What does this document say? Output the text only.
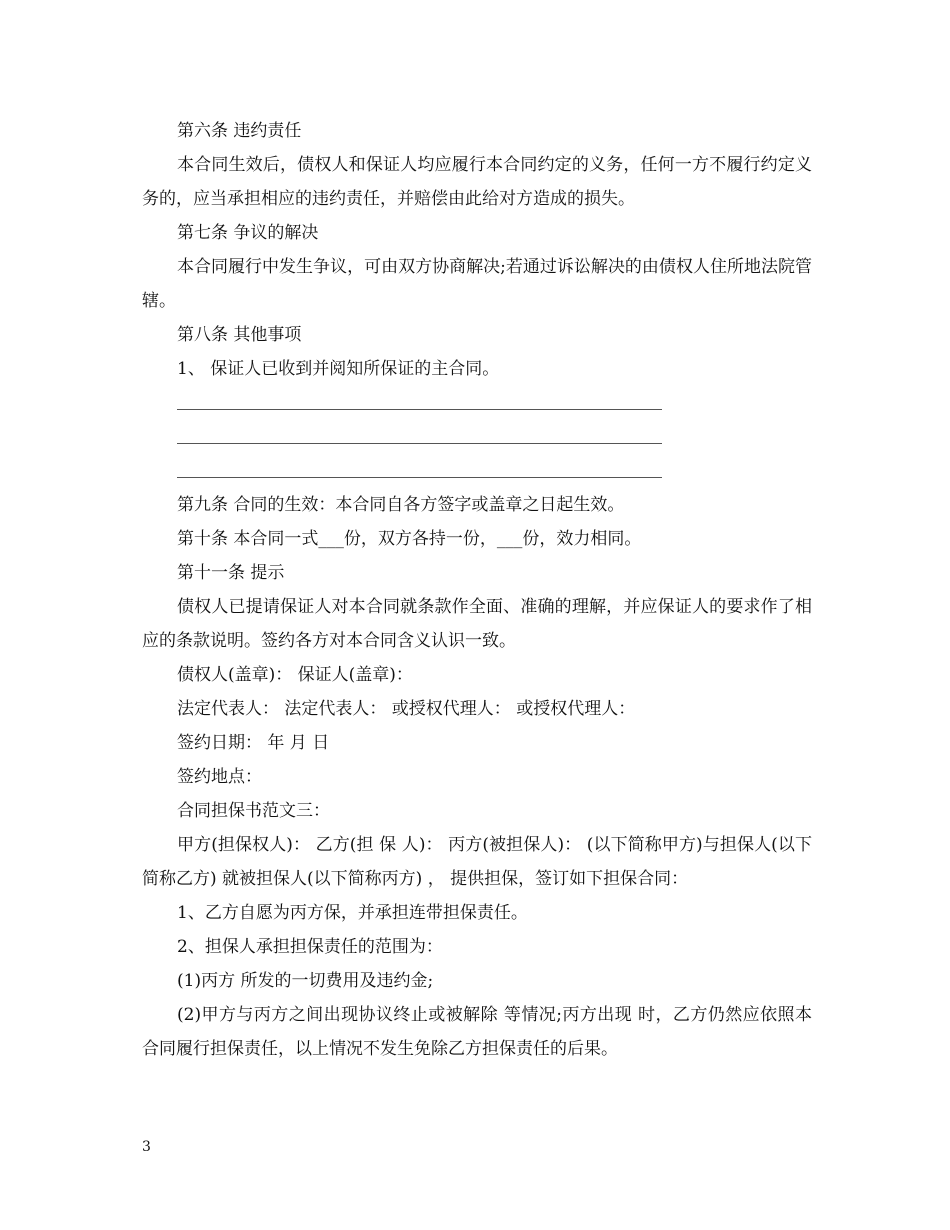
第六条 违约责任

本合同生效后，债权人和保证人均应履行本合同约定的义务，任何一方不履行约定义务的，应当承担相应的违约责任，并赔偿由此给对方造成的损失。

第七条 争议的解决

本合同履行中发生争议，可由双方协商解决;若通过诉讼解决的由债权人住所地法院管辖。

第八条 其他事项

1、 保证人已收到并阅知所保证的主合同。

第九条 合同的生效：本合同自各方签字或盖章之日起生效。

第十条 本合同一式___份，双方各持一份，___份，效力相同。

第十一条 提示

债权人已提请保证人对本合同就条款作全面、准确的理解，并应保证人的要求作了相应的条款说明。签约各方对本合同含义认识一致。

债权人(盖章)： 保证人(盖章)：

法定代表人： 法定代表人： 或授权代理人： 或授权代理人：

签约日期： 年 月 日

签约地点：

合同担保书范文三：

甲方(担保权人)： 乙方(担 保 人)： 丙方(被担保人)： (以下简称甲方)与担保人(以下简称乙方) 就被担保人(以下简称丙方) ， 提供担保，签订如下担保合同：

1、乙方自愿为丙方保，并承担连带担保责任。

2、担保人承担担保责任的范围为：

(1)丙方 所发的一切费用及违约金;

(2)甲方与丙方之间出现协议终止或被解除 等情况;丙方出现 时，乙方仍然应依照本合同履行担保责任，以上情况不发生免除乙方担保责任的后果。

3
